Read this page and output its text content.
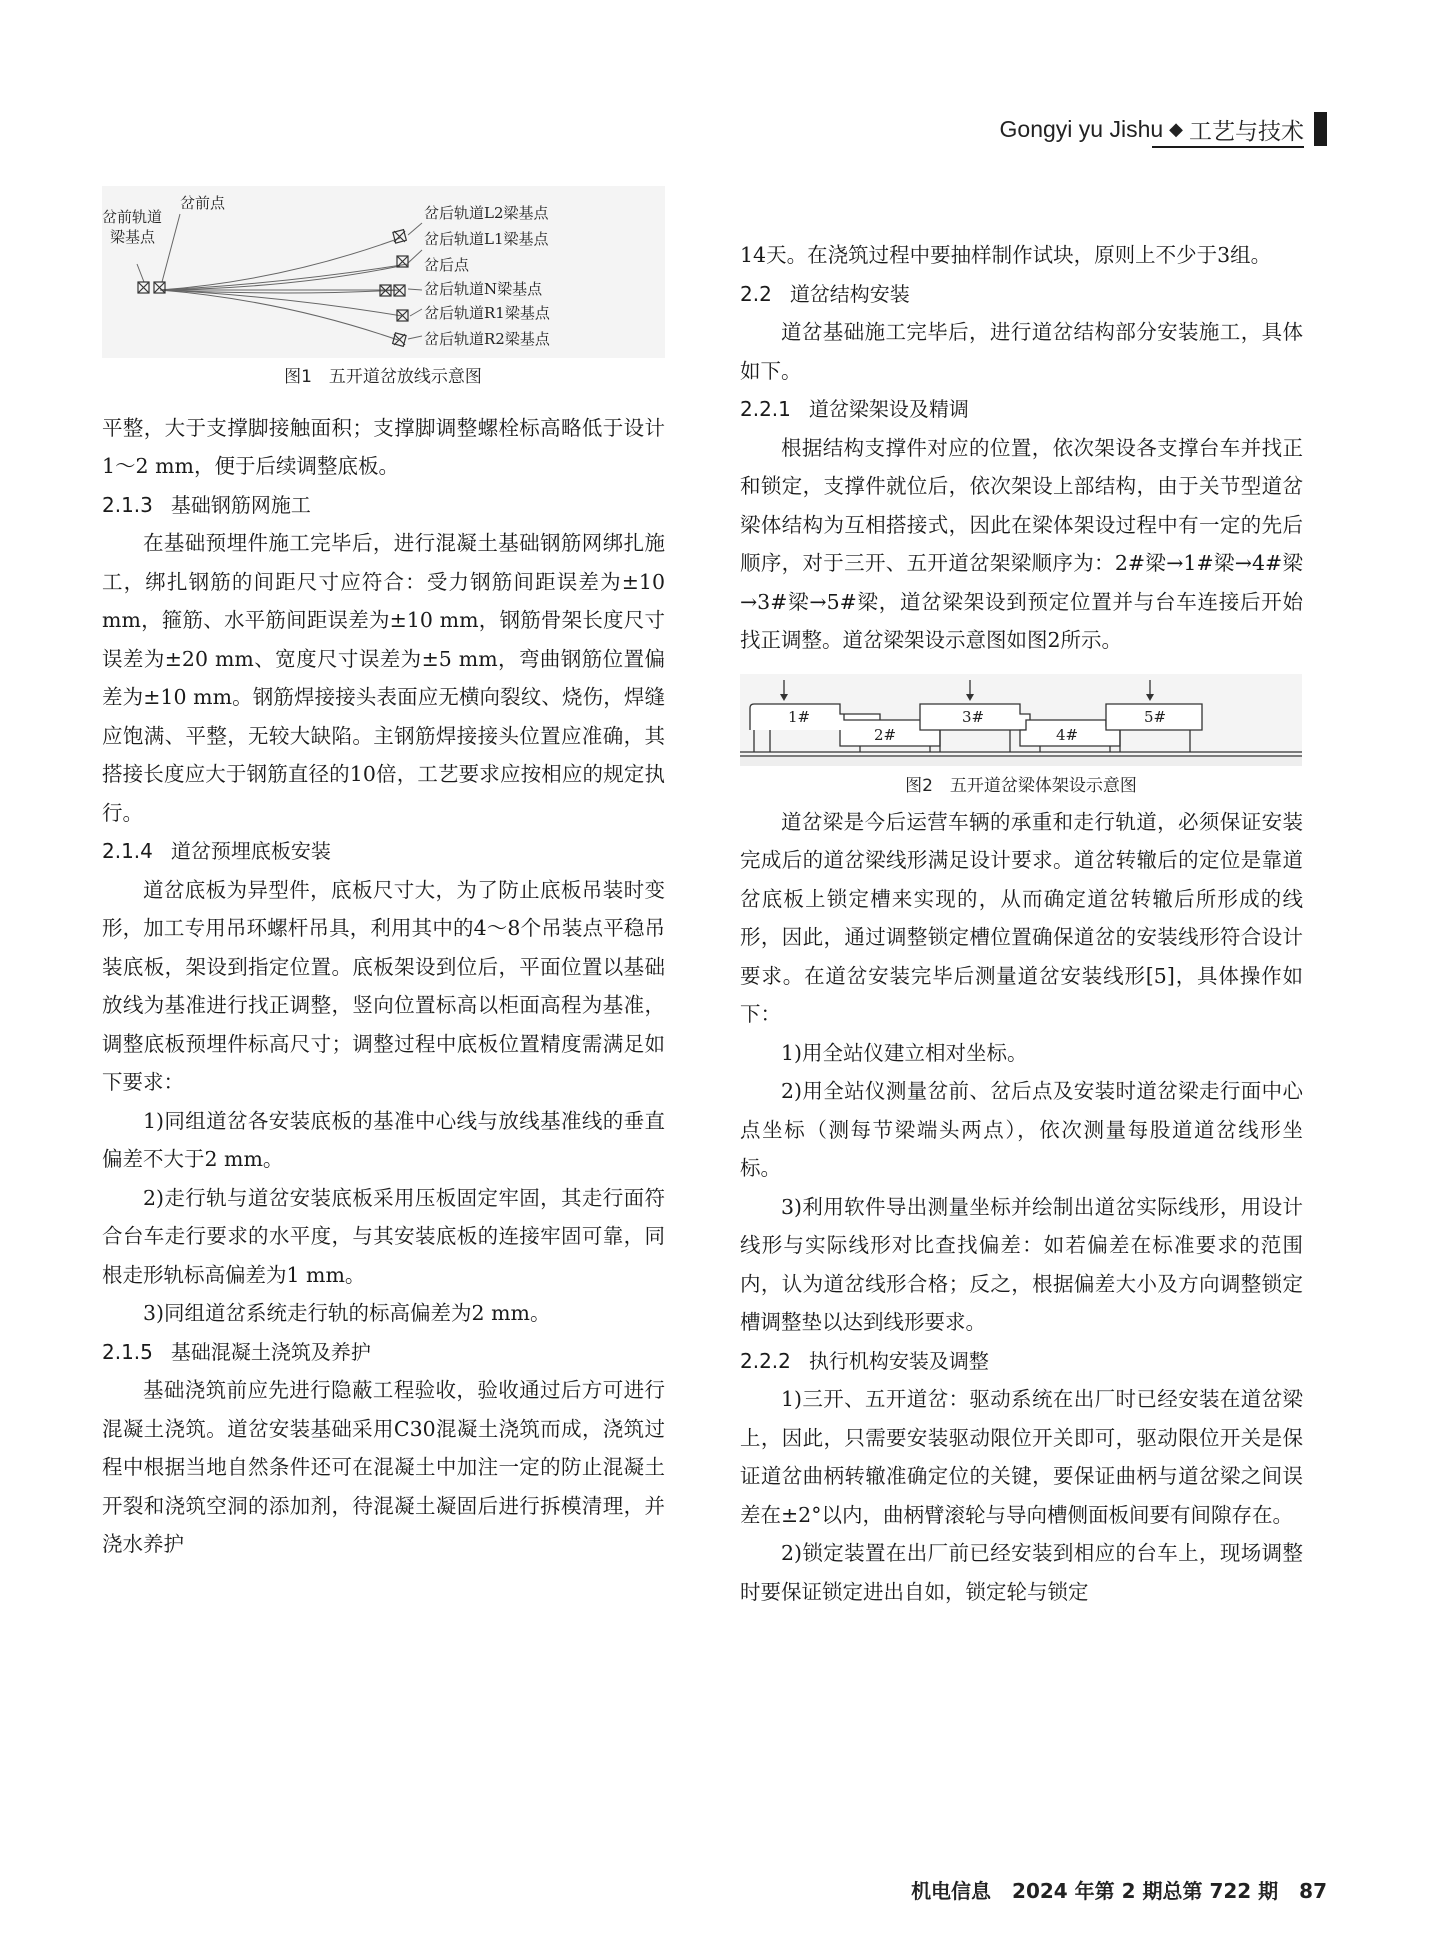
Gongyi yu Jishu ◆ 工艺与技术
岔前轨道
梁基点
岔前点
岔后轨道L2梁基点
岔后轨道L1梁基点
岔后点
岔后轨道N梁基点
岔后轨道R1梁基点
岔后轨道R2梁基点
图1　五开道岔放线示意图

平整，大于支撑脚接触面积；支撑脚调整螺栓标高略低于设计1～2 mm，便于后续调整底板。

2.1.3 基础钢筋网施工

在基础预埋件施工完毕后，进行混凝土基础钢筋网绑扎施工，绑扎钢筋的间距尺寸应符合：受力钢筋间距误差为±10 mm，箍筋、水平筋间距误差为±10 mm，钢筋骨架长度尺寸误差为±20 mm、宽度尺寸误差为±5 mm，弯曲钢筋位置偏差为±10 mm。钢筋焊接接头表面应无横向裂纹、烧伤，焊缝应饱满、平整，无较大缺陷。主钢筋焊接接头位置应准确，其搭接长度应大于钢筋直径的10倍，工艺要求应按相应的规定执行。

2.1.4 道岔预埋底板安装

道岔底板为异型件，底板尺寸大，为了防止底板吊装时变形，加工专用吊环螺杆吊具，利用其中的4～8个吊装点平稳吊装底板，架设到指定位置。底板架设到位后，平面位置以基础放线为基准进行找正调整，竖向位置标高以柜面高程为基准，调整底板预埋件标高尺寸；调整过程中底板位置精度需满足如下要求：

1)同组道岔各安装底板的基准中心线与放线基准线的垂直偏差不大于2 mm。

2)走行轨与道岔安装底板采用压板固定牢固，其走行面符合台车走行要求的水平度，与其安装底板的连接牢固可靠，同根走形轨标高偏差为1 mm。

3)同组道岔系统走行轨的标高偏差为2 mm。

2.1.5 基础混凝土浇筑及养护

基础浇筑前应先进行隐蔽工程验收，验收通过后方可进行混凝土浇筑。道岔安装基础采用C30混凝土浇筑而成，浇筑过程中根据当地自然条件还可在混凝土中加注一定的防止混凝土开裂和浇筑空洞的添加剂，待混凝土凝固后进行拆模清理，并浇水养护

14天。在浇筑过程中要抽样制作试块，原则上不少于3组。

2.2 道岔结构安装

道岔基础施工完毕后，进行道岔结构部分安装施工，具体如下。

2.2.1 道岔梁架设及精调

根据结构支撑件对应的位置，依次架设各支撑台车并找正和锁定，支撑件就位后，依次架设上部结构，由于关节型道岔梁体结构为互相搭接式，因此在梁体架设过程中有一定的先后顺序，对于三开、五开道岔架梁顺序为：2#梁→1#梁→4#梁→3#梁→5#梁，道岔梁架设到预定位置并与台车连接后开始找正调整。道岔梁架设示意图如图2所示。

1#
2#
3#
4#
5#
图2　五开道岔梁体架设示意图

道岔梁是今后运营车辆的承重和走行轨道，必须保证安装完成后的道岔梁线形满足设计要求。道岔转辙后的定位是靠道岔底板上锁定槽来实现的，从而确定道岔转辙后所形成的线形，因此，通过调整锁定槽位置确保道岔的安装线形符合设计要求。在道岔安装完毕后测量道岔安装线形[5]，具体操作如下：

1)用全站仪建立相对坐标。

2)用全站仪测量岔前、岔后点及安装时道岔梁走行面中心点坐标（测每节梁端头两点），依次测量每股道道岔线形坐标。

3)利用软件导出测量坐标并绘制出道岔实际线形，用设计线形与实际线形对比查找偏差：如若偏差在标准要求的范围内，认为道岔线形合格；反之，根据偏差大小及方向调整锁定槽调整垫以达到线形要求。

2.2.2 执行机构安装及调整

1)三开、五开道岔：驱动系统在出厂时已经安装在道岔梁上，因此，只需要安装驱动限位开关即可，驱动限位开关是保证道岔曲柄转辙准确定位的关键，要保证曲柄与道岔梁之间误差在±2°以内，曲柄臂滚轮与导向槽侧面板间要有间隙存在。

2)锁定装置在出厂前已经安装到相应的台车上，现场调整时要保证锁定进出自如，锁定轮与锁定

机电信息 2024 年第 2 期总第 722 期 87
